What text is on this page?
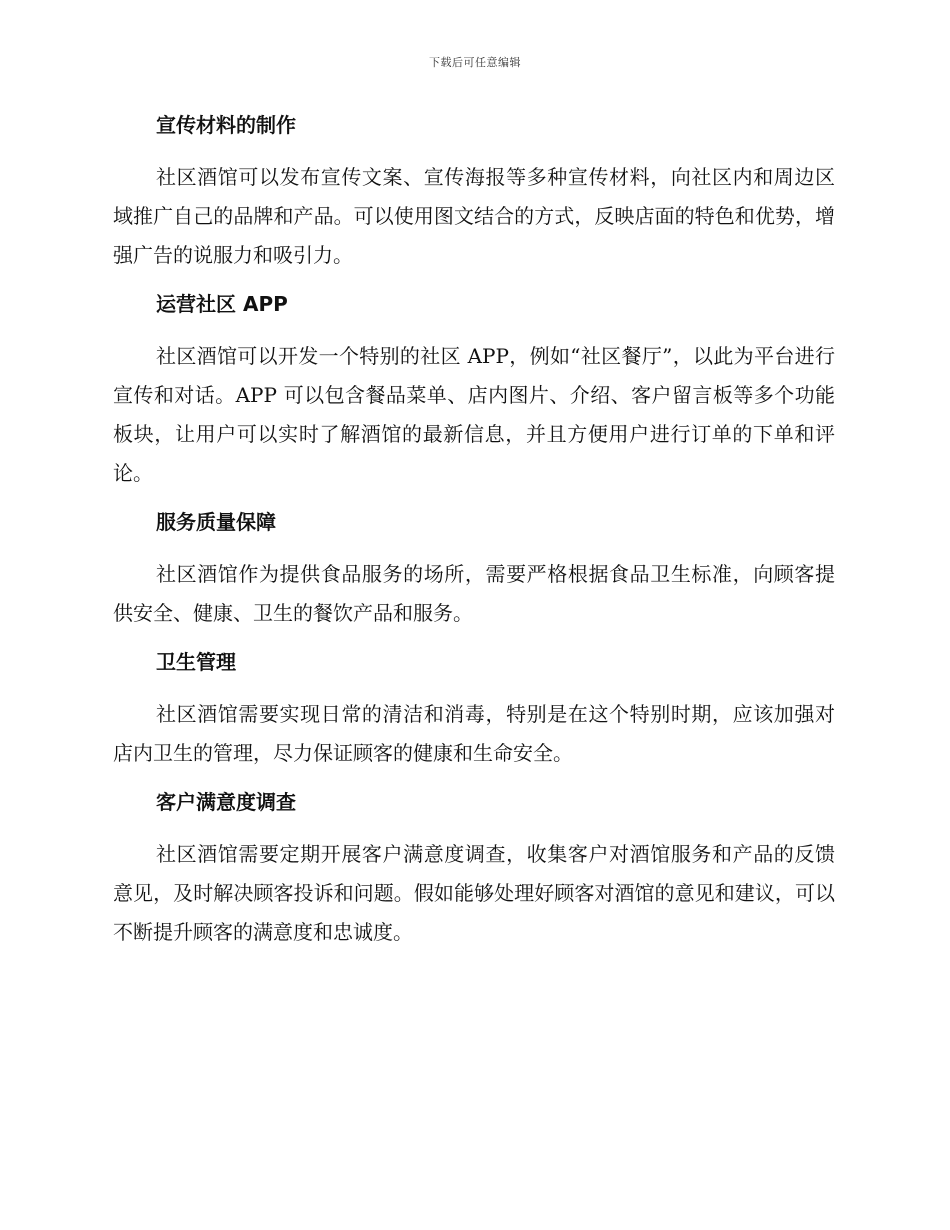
下载后可任意编辑
宣传材料的制作

社区酒馆可以发布宣传文案、宣传海报等多种宣传材料，向社区内和周边区域推广自己的品牌和产品。可以使用图文结合的方式，反映店面的特色和优势，增强广告的说服力和吸引力。

运营社区 APP

社区酒馆可以开发一个特别的社区 APP，例如“社区餐厅”，以此为平台进行宣传和对话。APP 可以包含餐品菜单、店内图片、介绍、客户留言板等多个功能板块，让用户可以实时了解酒馆的最新信息，并且方便用户进行订单的下单和评论。

服务质量保障

社区酒馆作为提供食品服务的场所，需要严格根据食品卫生标准，向顾客提供安全、健康、卫生的餐饮产品和服务。

卫生管理

社区酒馆需要实现日常的清洁和消毒，特别是在这个特别时期，应该加强对店内卫生的管理，尽力保证顾客的健康和生命安全。

客户满意度调查

社区酒馆需要定期开展客户满意度调查，收集客户对酒馆服务和产品的反馈意见，及时解决顾客投诉和问题。假如能够处理好顾客对酒馆的意见和建议，可以不断提升顾客的满意度和忠诚度。
